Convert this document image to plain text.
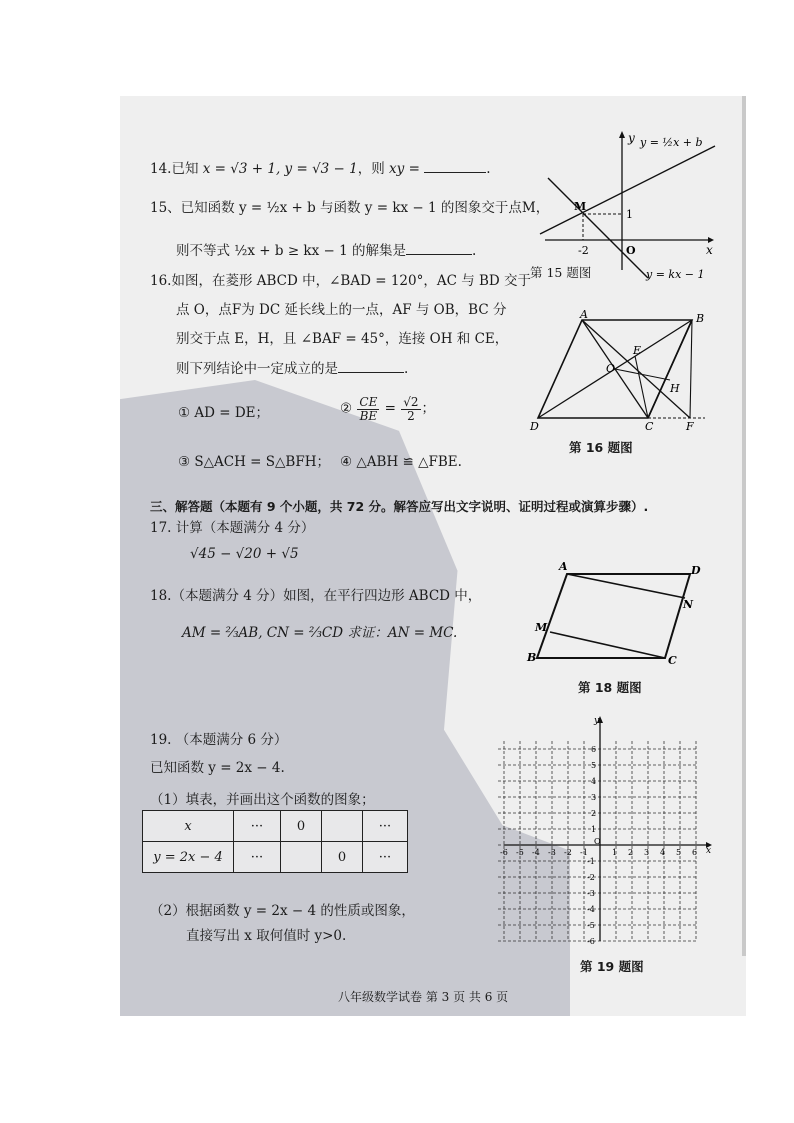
14.已知 x = √3 + 1, y = √3 − 1，则 xy =	.
15、已知函数 y = ½x + b 与函数 y = kx − 1 的图象交于点M，
则不等式 ½x + b ≥ kx − 1 的解集是	.
16.如图，在菱形 ABCD 中，∠BAD = 120°，AC 与 BD 交于
点 O，点F为 DC 延长线上的一点，AF 与 OB，BC 分
别交于点 E，H，且 ∠BAF = 45°，连接 OH 和 CE，
则下列结论中一定成立的是	.
① AD = DE；	② $\frac{CE}{BE} = \frac{√2}{2}$ ；
③ S△ACH = S△BFH； ④ △ABH ≌ △FBE.
三、解答题（本题有 9 个小题，共 72 分。解答应写出文字说明、证明过程或演算步骤）.
17. 计算（本题满分 4 分）
√45 − √20 + √5
18.（本题满分 4 分）如图，在平行四边形 ABCD 中，
AM = ⅔AB, CN = ⅔CD 求证：AN = MC.
19. （本题满分 6 分）
已知函数 y = 2x − 4.
（1）填表，并画出这个函数的图象；
x	···	0		···
y = 2x − 4	···		0	···
（2）根据函数 y = 2x − 4 的性质或图象，
直接写出 x 取何值时 y>0.
y
x
y = ½x + b
y = kx − 1
M
O
-2
1
第 15 题图
A	B
C
D
E
F
H
O
第 16 题图
A	D
N
M
B	C
第 18 题图
y
x
O
-6 -5 -4 -3 -2 -1	1 2 3 4 5 6
6
5
4
3
2
1
-1
-2
-3
-4
-5
-6
第 19 题图
八年级数学试卷 第 3 页 共 6 页
